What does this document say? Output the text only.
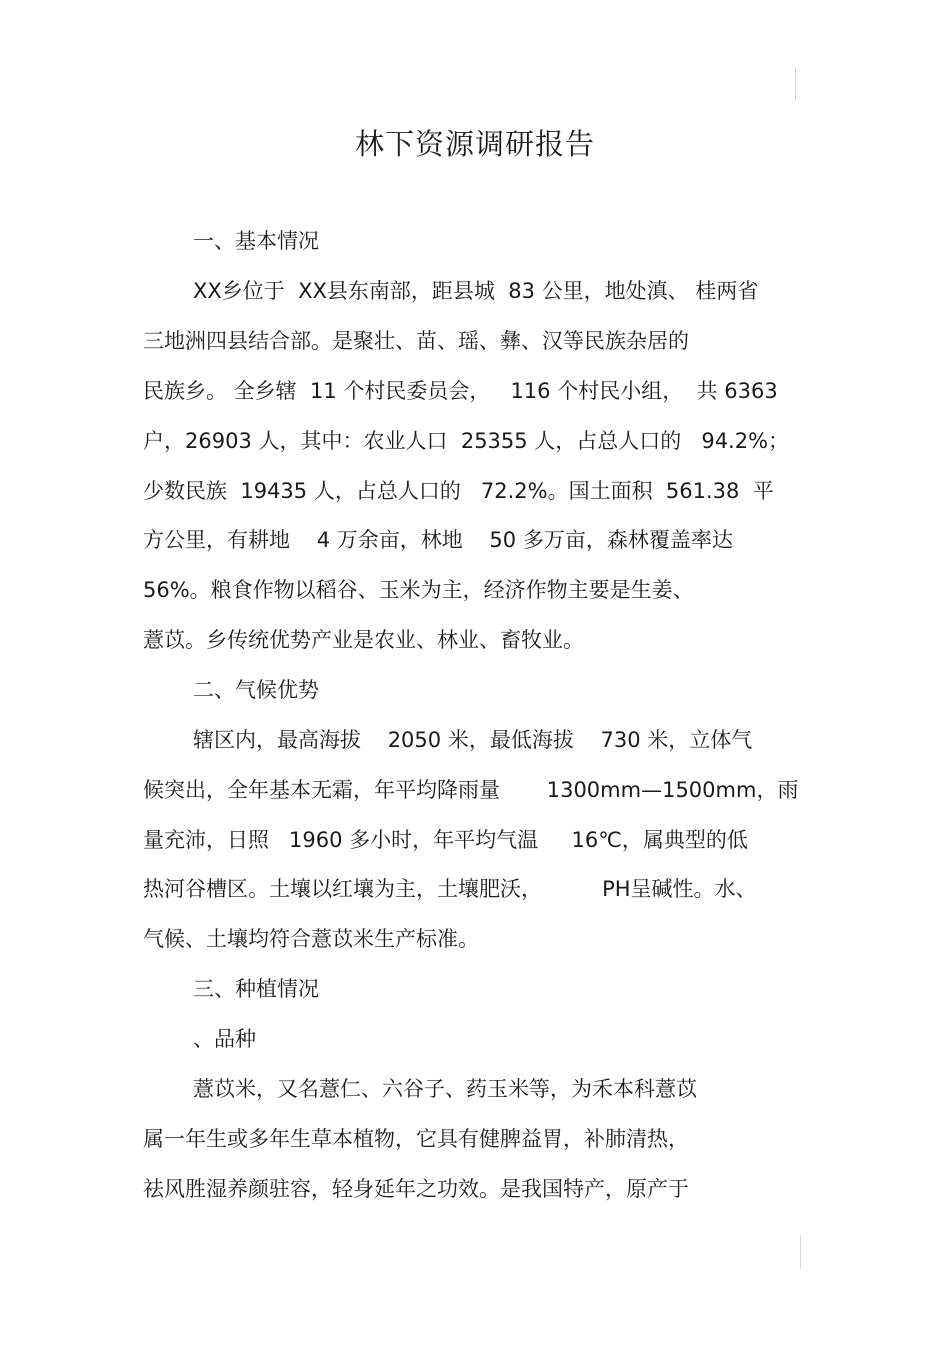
林下资源调研报告
一、基本情况
XX乡位于  XX县东南部，距县城  83 公里，地处滇、 桂两省
三地洲四县结合部。是聚壮、苗、瑶、彝、汉等民族杂居的
民族乡。 全乡辖  11 个村民委员会，   116 个村民小组，  共 6363
户，26903 人，其中：农业人口  25355 人，占总人口的   94.2%；
少数民族  19435 人，占总人口的   72.2%。国土面积  561.38  平
方公里，有耕地    4 万余亩，林地    50 多万亩，森林覆盖率达
56%。粮食作物以稻谷、玉米为主，经济作物主要是生姜、
薏苡。乡传统优势产业是农业、林业、畜牧业。
二、气候优势
辖区内，最高海拔    2050 米，最低海拔    730 米，立体气
候突出，全年基本无霜，年平均降雨量       1300mm—1500mm，雨
量充沛，日照   1960 多小时，年平均气温     16℃，属典型的低
热河谷槽区。土壤以红壤为主，土壤肥沃，         PH呈碱性。水、
气候、土壤均符合薏苡米生产标准。
三、种植情况
、品种
薏苡米，又名薏仁、六谷子、药玉米等，为禾本科薏苡
属一年生或多年生草本植物，它具有健脾益胃，补肺清热，
祛风胜湿养颜驻容，轻身延年之功效。是我国特产，原产于
